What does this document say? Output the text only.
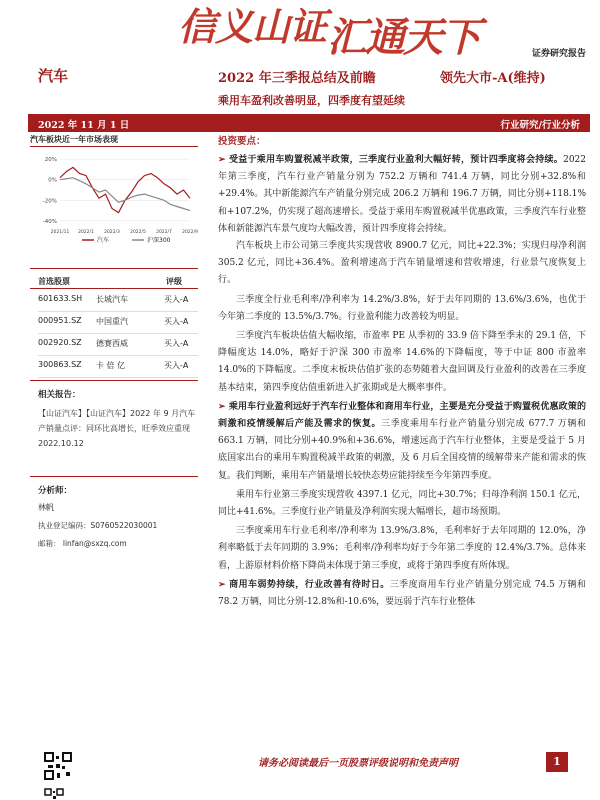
信义山证 汇通天下	证券研究报告
汽车	2022 年三季报总结及前瞻	领先大市-A(维持)
乘用车盈利改善明显，四季度有望延续
2022 年 11 月 1 日	行业研究/行业分析
汽车板块近一年市场表现
20%
0%
-20%
-40%
2021/11 2022/1 2022/3 2022/5 2022/7 2022/9
汽车	沪深300
首选股票	评级
601633.SH 长城汽车	买入-A
000951.SZ 中国重汽	买入-A
002920.SZ 德赛西威	买入-A
300863.SZ 卡 倍 亿	买入-A
相关报告：
【山证汽车】【山证汽车】2022 年 9 月汽车产销量点评：同环比高增长，旺季效应重现 2022.10.12
分析师：
林帆
执业登记编码：S0760522030001
邮箱： linfan@sxzq.com
投资要点：

➢ 受益于乘用车购置税减半政策，三季度行业盈利大幅好转，预计四季度将会持续。2022 年第三季度，汽车行业产销量分别为 752.2 万辆和 741.4 万辆，同比分别+32.8%和+29.4%。其中新能源汽车产销量分别完成 206.2 万辆和 196.7 万辆，同比分别+118.1%和+107.2%，仍实现了超高速增长。受益于乘用车购置税减半优惠政策，三季度汽车行业整体和新能源汽车景气度均大幅改善，预计四季度将会持续。

汽车板块上市公司第三季度共实现营收 8900.7 亿元，同比+22.3%；实现归母净利润 305.2 亿元，同比+36.4%。盈利增速高于汽车销量增速和营收增速，行业景气度恢复上行。

三季度全行业毛利率/净利率为 14.2%/3.8%，好于去年同期的 13.6%/3.6%，也优于今年第二季度的 13.5%/3.7%。行业盈利能力改善较为明显。

三季度汽车板块估值大幅收缩，市盈率 PE 从季初的 33.9 倍下降至季末的 29.1 倍，下降幅度达 14.0%，略好于沪深 300 市盈率 14.6%的下降幅度，等于中证 800 市盈率 14.0%的下降幅度。二季度末板块估值扩张的态势随着大盘回调及行业盈利的改善在三季度基本结束，第四季度估值重新进入扩张期或是大概率事件。

➢ 乘用车行业盈利远好于汽车行业整体和商用车行业，主要是充分受益于购置税优惠政策的刺激和疫情缓解后产能及需求的恢复。三季度乘用车行业产销量分别完成 677.7 万辆和 663.1 万辆，同比分别+40.9%和+36.6%，增速远高于汽车行业整体，主要是受益于 5 月底国家出台的乘用车购置税减半政策的刺激，及 6 月后全国疫情的缓解带来产能和需求的恢复。我们判断，乘用车产销量增长较快态势应能持续至今年第四季度。

乘用车行业第三季度实现营收 4397.1 亿元，同比+30.7%；归母净利润 150.1 亿元，同比+41.6%。三季度行业产销量及净利润实现大幅增长，超市场预期。

三季度乘用车行业毛利率/净利率为 13.9%/3.8%，毛利率好于去年同期的 12.0%，净利率略低于去年同期的 3.9%；毛利率/净利率均好于今年第二季度的 12.4%/3.7%。总体来看，上游原材料价格下降尚未体现于第三季度，或将于第四季度有所体现。

➢ 商用车弱势持续，行业改善有待时日。三季度商用车行业产销量分别完成 74.5 万辆和 78.2 万辆，同比分别-12.8%和-10.6%，要远弱于汽车行业整体

请务必阅读最后一页股票评级说明和免责声明	1
